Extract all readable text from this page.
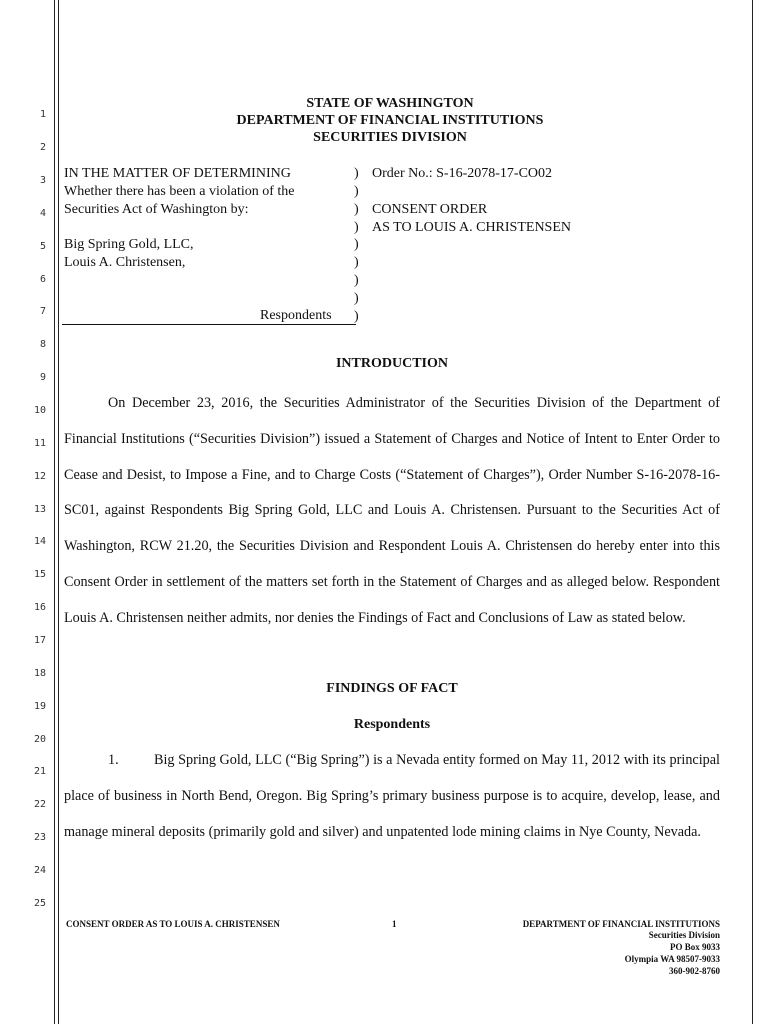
1
2
3
4
5
6
7
8
9
10
11
12
13
14
15
16
17
18
19
20
21
22
23
24
25
STATE OF WASHINGTON
DEPARTMENT OF FINANCIAL INSTITUTIONS
SECURITIES DIVISION
IN THE MATTER OF DETERMINING
Whether there has been a violation of the
Securities Act of Washington by:
Big Spring Gold, LLC,
Louis A. Christensen,
Respondents
)
)
)
)
)
)
)
)
)
Order No.: S-16-2078-17-CO02
CONSENT ORDER
AS TO LOUIS A. CHRISTENSEN
INTRODUCTION
On December 23, 2016, the Securities Administrator of the Securities Division of the Department of Financial Institutions (“Securities Division”) issued a Statement of Charges and Notice of Intent to Enter Order to Cease and Desist, to Impose a Fine, and to Charge Costs (“Statement of Charges”), Order Number S-16-2078-16-SC01, against Respondents Big Spring Gold, LLC and Louis A. Christensen. Pursuant to the Securities Act of Washington, RCW 21.20, the Securities Division and Respondent Louis A. Christensen do hereby enter into this Consent Order in settlement of the matters set forth in the Statement of Charges and as alleged below. Respondent Louis A. Christensen neither admits, nor denies the Findings of Fact and Conclusions of Law as stated below.
FINDINGS OF FACT
Respondents
1. Big Spring Gold, LLC (“Big Spring”) is a Nevada entity formed on May 11, 2012 with its principal place of business in North Bend, Oregon. Big Spring’s primary business purpose is to acquire, develop, lease, and manage mineral deposits (primarily gold and silver) and unpatented lode mining claims in Nye County, Nevada.
CONSENT ORDER AS TO LOUIS A. CHRISTENSEN	1	DEPARTMENT OF FINANCIAL INSTITUTIONS
Securities Division
PO Box 9033
Olympia WA 98507-9033
360-902-8760
